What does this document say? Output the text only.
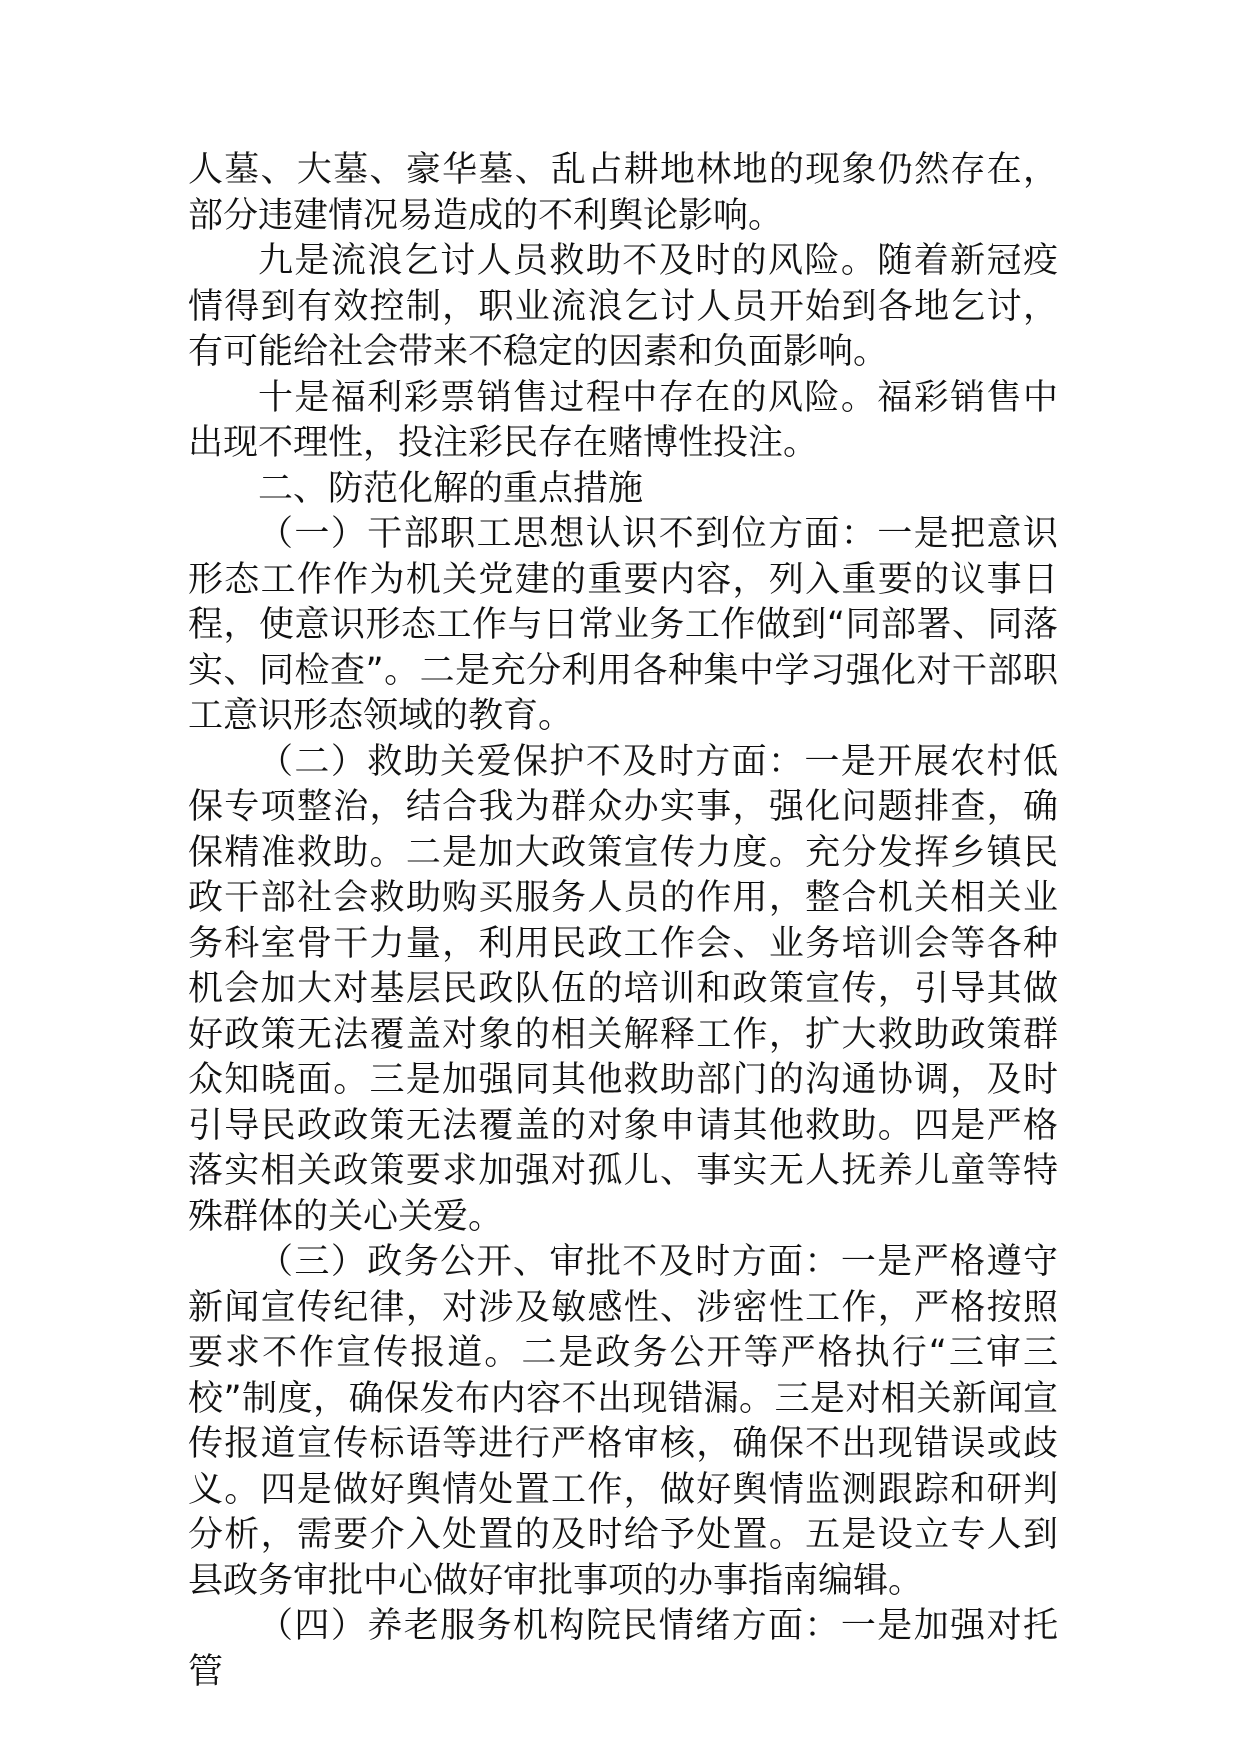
人墓、大墓、豪华墓、乱占耕地林地的现象仍然存在，部分违建情况易造成的不利舆论影响。

九是流浪乞讨人员救助不及时的风险。随着新冠疫情得到有效控制，职业流浪乞讨人员开始到各地乞讨，有可能给社会带来不稳定的因素和负面影响。

十是福利彩票销售过程中存在的风险。福彩销售中出现不理性，投注彩民存在赌博性投注。

二、防范化解的重点措施

（一）干部职工思想认识不到位方面：一是把意识形态工作作为机关党建的重要内容，列入重要的议事日程，使意识形态工作与日常业务工作做到“同部署、同落实、同检查”。二是充分利用各种集中学习强化对干部职工意识形态领域的教育。

（二）救助关爱保护不及时方面：一是开展农村低保专项整治，结合我为群众办实事，强化问题排查，确保精准救助。二是加大政策宣传力度。充分发挥乡镇民政干部社会救助购买服务人员的作用，整合机关相关业务科室骨干力量，利用民政工作会、业务培训会等各种机会加大对基层民政队伍的培训和政策宣传，引导其做好政策无法覆盖对象的相关解释工作，扩大救助政策群众知晓面。三是加强同其他救助部门的沟通协调，及时引导民政政策无法覆盖的对象申请其他救助。四是严格落实相关政策要求加强对孤儿、事实无人抚养儿童等特殊群体的关心关爱。

（三）政务公开、审批不及时方面：一是严格遵守新闻宣传纪律，对涉及敏感性、涉密性工作，严格按照要求不作宣传报道。二是政务公开等严格执行“三审三校”制度，确保发布内容不出现错漏。三是对相关新闻宣传报道宣传标语等进行严格审核，确保不出现错误或歧义。四是做好舆情处置工作，做好舆情监测跟踪和研判分析，需要介入处置的及时给予处置。五是设立专人到县政务审批中心做好审批事项的办事指南编辑。

（四）养老服务机构院民情绪方面：一是加强对托管
